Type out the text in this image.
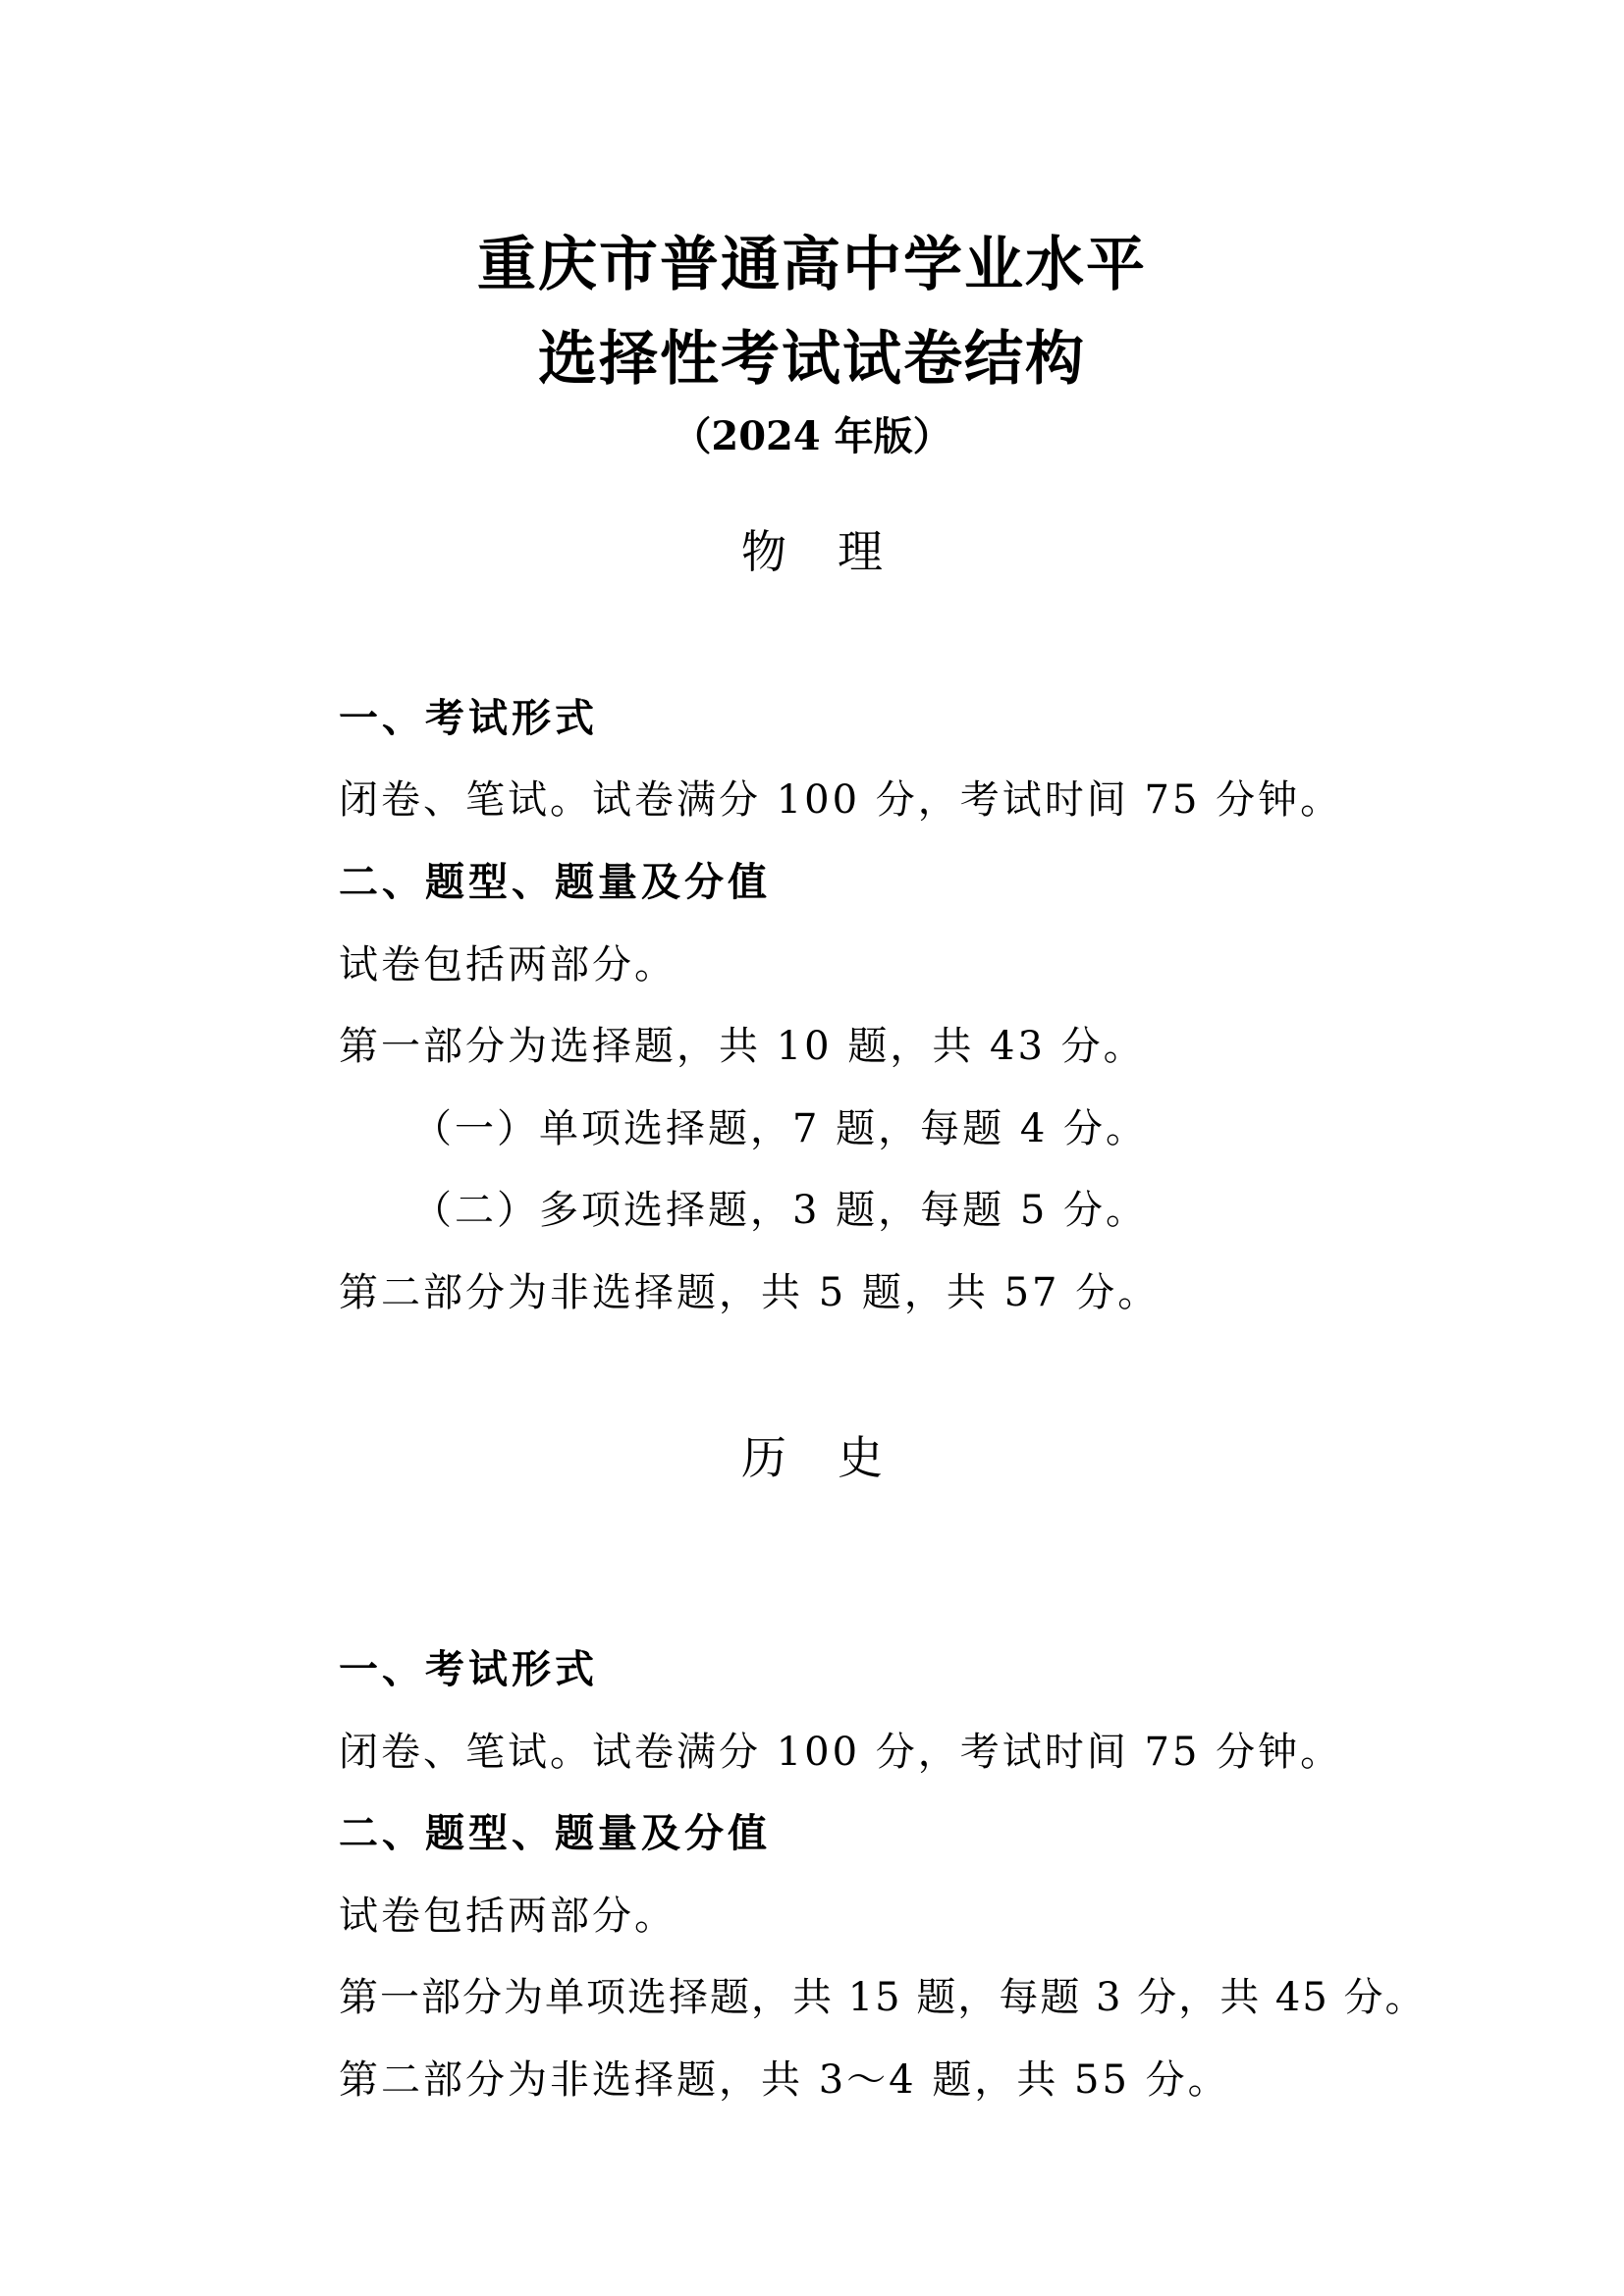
重庆市普通高中学业水平
选择性考试试卷结构
（2024 年版）
物理
一、考试形式
闭卷、笔试。试卷满分 100 分，考试时间 75 分钟。
二、题型、题量及分值
试卷包括两部分。
第一部分为选择题，共 10 题，共 43 分。
（一）单项选择题，7 题，每题 4 分。
（二）多项选择题，3 题，每题 5 分。
第二部分为非选择题，共 5 题，共 57 分。
历史
一、考试形式
闭卷、笔试。试卷满分 100 分，考试时间 75 分钟。
二、题型、题量及分值
试卷包括两部分。
第一部分为单项选择题，共 15 题，每题 3 分，共 45 分。
第二部分为非选择题，共 3～4 题，共 55 分。
